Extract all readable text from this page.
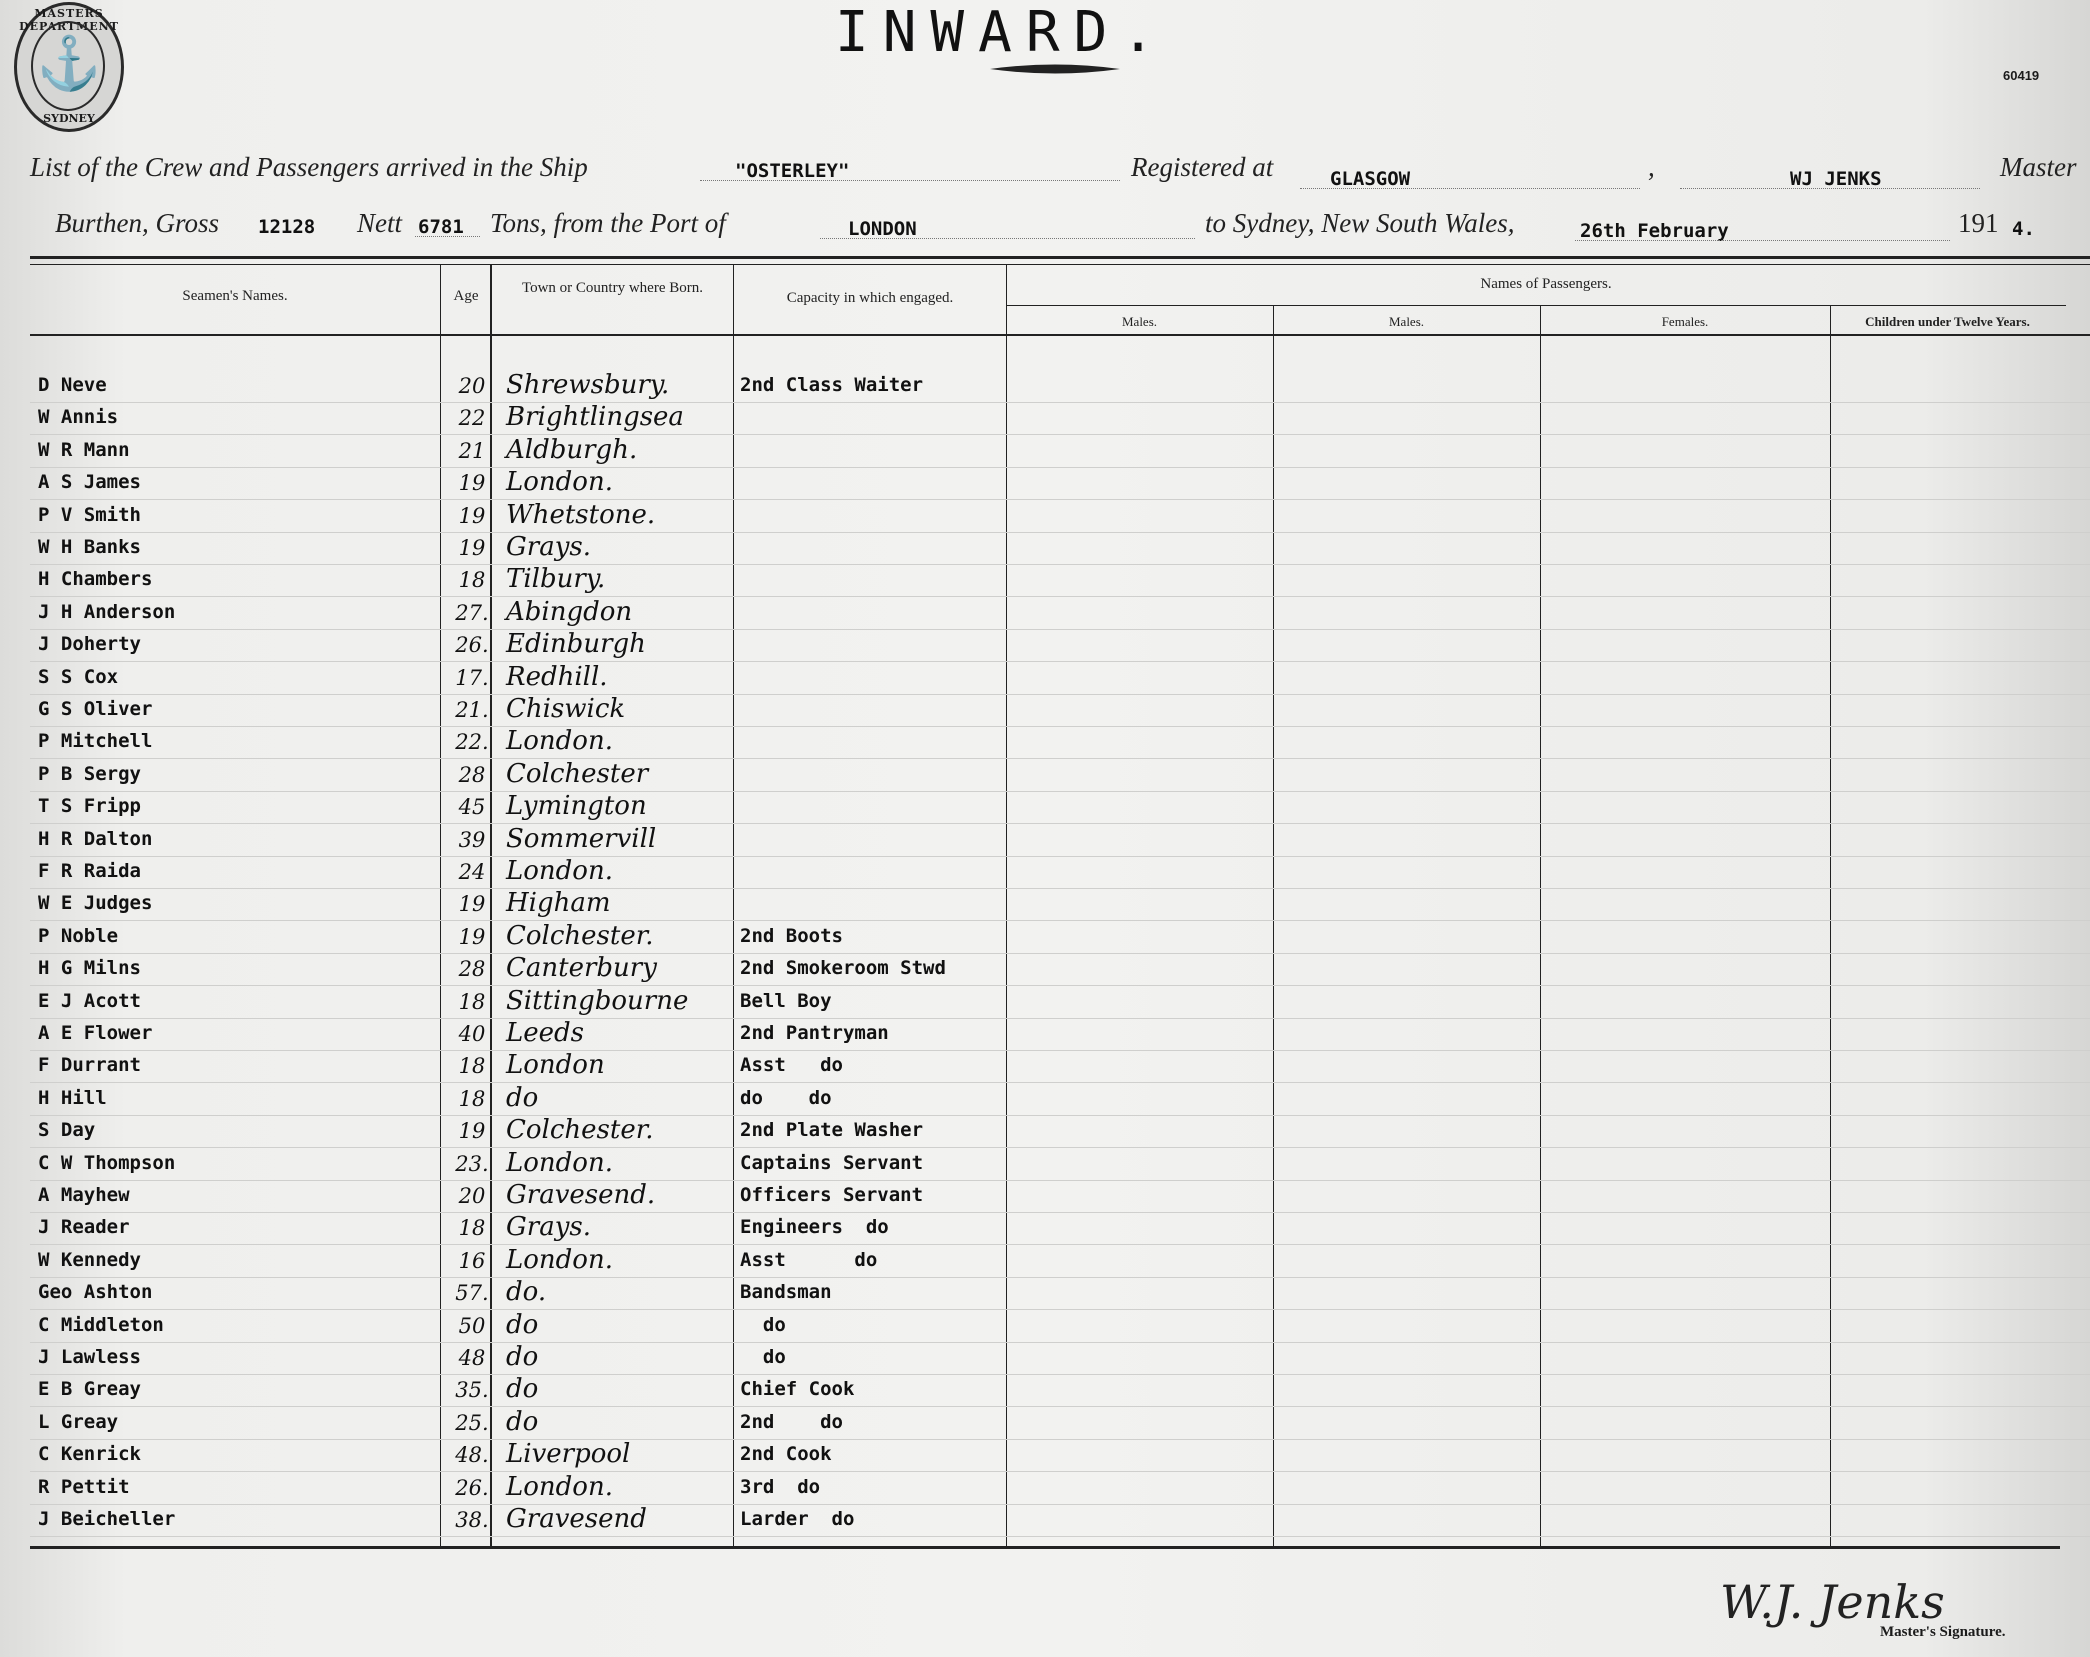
MASTERS DEPARTMENT
⚓
SYDNEY
INWARD.
60419
List of the Crew and Passengers arrived in the Ship	"OSTERLEY"	Registered at	GLASGOW	,	WJ JENKS	Master
Burthen, Gross 12128 Nett 6781 Tons, from the Port of	LONDON	to Sydney, New South Wales,	26th February	191 4.
Seamen's Names.	Age	Town or Country where Born.
Capacity in which engaged.
Names of Passengers.
Males.	Males.	Females.	Children under Twelve Years.
D Neve	20 Shrewsbury.	2nd Class Waiter
W Annis	22 Brightlingsea
W R Mann	21 Aldburgh.
A S James	19 London.
P V Smith	19 Whetstone.
W H Banks	19 Grays.
H Chambers	18 Tilbury.
J H Anderson	27. Abingdon
J Doherty	26. Edinburgh
S S Cox	17. Redhill.
G S Oliver	21. Chiswick
P Mitchell	22. London.
P B Sergy	28 Colchester
T S Fripp	45 Lymington
H R Dalton	39 Sommervill
F R Raida	24 London.
W E Judges	19 Higham
P Noble	19 Colchester.	2nd Boots
H G Milns	28 Canterbury	2nd Smokeroom Stwd
E J Acott	18 Sittingbourne	Bell Boy
A E Flower	40 Leeds	2nd Pantryman
F Durrant	18 London	Asst   do
H Hill	18 do	do    do
S Day	19 Colchester.	2nd Plate Washer
C W Thompson	23. London.	Captains Servant
A Mayhew	20 Gravesend.	Officers Servant
J Reader	18 Grays.	Engineers  do
W Kennedy	16 London.	Asst      do
Geo Ashton	57. do.	Bandsman
C Middleton	50 do	do
J Lawless	48 do	do
E B Greay	35. do	Chief Cook
L Greay	25. do	2nd    do
C Kenrick	48. Liverpool	2nd Cook
R Pettit	26. London.	3rd  do
J Beicheller	38. Gravesend	Larder  do
W.J. Jenks
Master's Signature.
